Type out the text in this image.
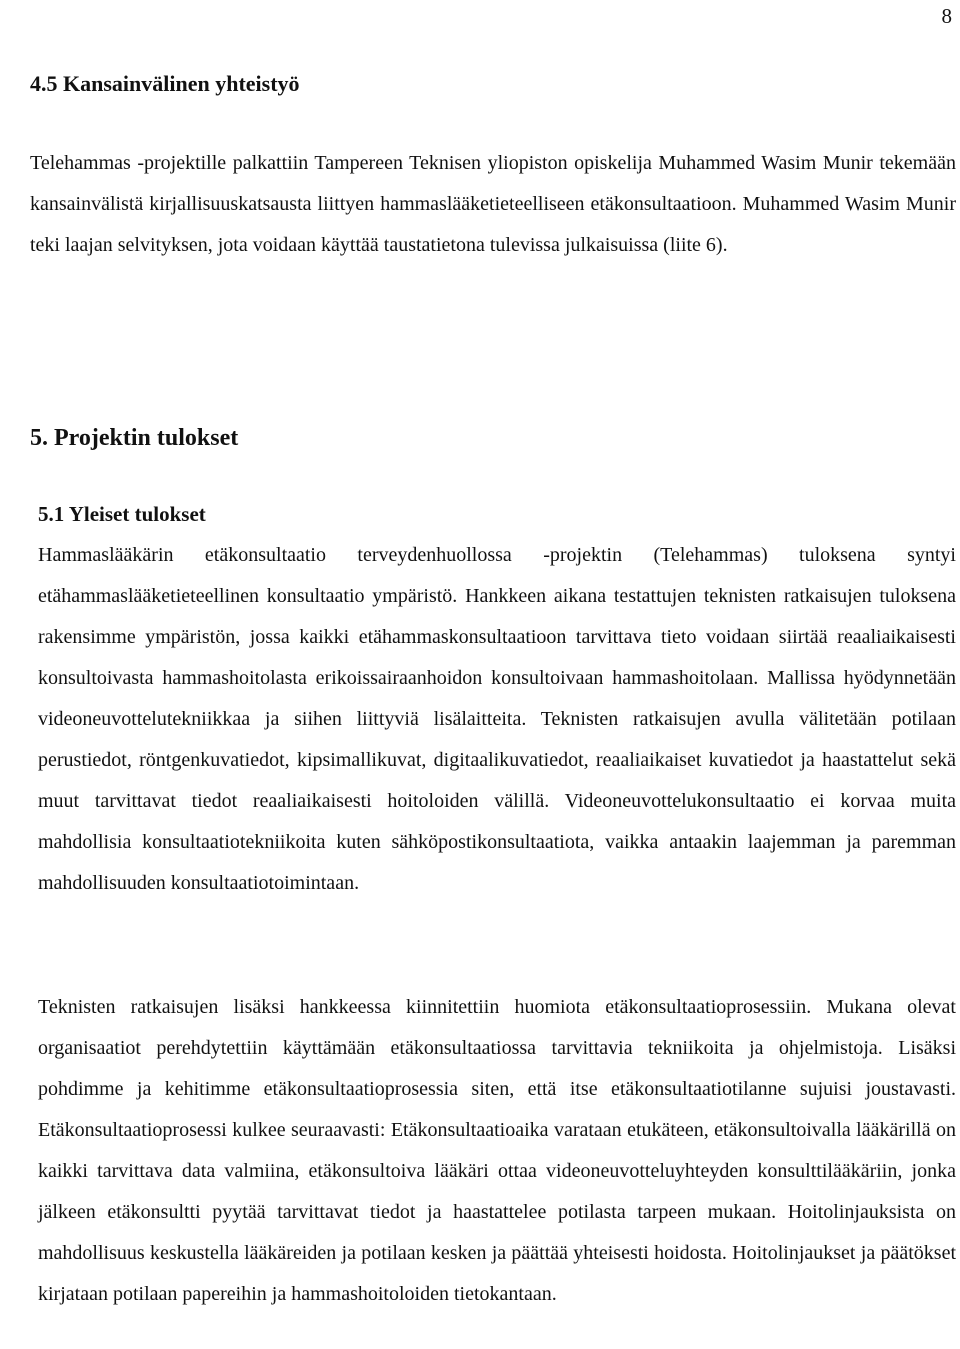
8
4.5 Kansainvälinen yhteistyö

Telehammas -projektille palkattiin Tampereen Teknisen yliopiston opiskelija Muhammed Wasim Munir tekemään kansainvälistä kirjallisuuskatsausta liittyen hammaslääketieteelliseen etäkonsultaatioon. Muhammed Wasim Munir teki laajan selvityksen, jota voidaan käyttää taustatietona tulevissa julkaisuissa (liite 6).

5. Projektin tulokset
5.1 Yleiset tulokset

Hammaslääkärin etäkonsultaatio terveydenhuollossa -projektin (Telehammas) tuloksena syntyi etähammaslääketieteellinen konsultaatio ympäristö. Hankkeen aikana testattujen teknisten ratkaisujen tuloksena rakensimme ympäristön, jossa kaikki etähammaskonsultaatioon tarvittava tieto voidaan siirtää reaaliaikaisesti konsultoivasta hammashoitolasta erikoissairaanhoidon konsultoivaan hammashoitolaan. Mallissa hyödynnetään videoneuvottelutekniikkaa ja siihen liittyviä lisälaitteita. Teknisten ratkaisujen avulla välitetään potilaan perustiedot, röntgenkuvatiedot, kipsimallikuvat, digitaalikuvatiedot, reaaliaikaiset kuvatiedot ja haastattelut sekä muut tarvittavat tiedot reaaliaikaisesti hoitoloiden välillä. Videoneuvottelukonsultaatio ei korvaa muita mahdollisia konsultaatiotekniikoita kuten sähköpostikonsultaatiota, vaikka antaakin laajemman ja paremman mahdollisuuden konsultaatiotoimintaan.

Teknisten ratkaisujen lisäksi hankkeessa kiinnitettiin huomiota etäkonsultaatioprosessiin. Mukana olevat organisaatiot perehdytettiin käyttämään etäkonsultaatiossa tarvittavia tekniikoita ja ohjelmistoja. Lisäksi pohdimme ja kehitimme etäkonsultaatioprosessia siten, että itse etäkonsultaatiotilanne sujuisi joustavasti. Etäkonsultaatioprosessi kulkee seuraavasti: Etäkonsultaatioaika varataan etukäteen, etäkonsultoivalla lääkärillä on kaikki tarvittava data valmiina, etäkonsultoiva lääkäri ottaa videoneuvotteluyhteyden konsulttilääkäriin, jonka jälkeen etäkonsultti pyytää tarvittavat tiedot ja haastattelee potilasta tarpeen mukaan. Hoitolinjauksista on mahdollisuus keskustella lääkäreiden ja potilaan kesken ja päättää yhteisesti hoidosta. Hoitolinjaukset ja päätökset kirjataan potilaan papereihin ja hammashoitoloiden tietokantaan.
